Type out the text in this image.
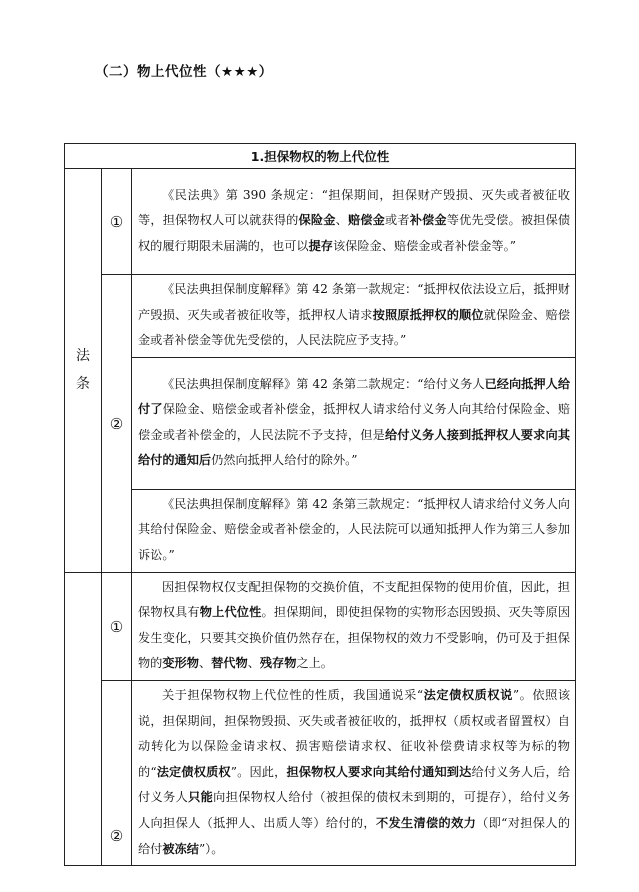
（二）物上代位性（★★★）
1.担保物权的物上代位性		
法条	①	《民法典》第 390 条规定：“担保期间，担保财产毁损、灭失或者被征收等，担保物权人可以就获得的保险金、赔偿金或者补偿金等优先受偿。被担保债权的履行期限未届满的，也可以提存该保险金、赔偿金或者补偿金等。”
	②	《民法典担保制度解释》第 42 条第一款规定：“抵押权依法设立后，抵押财产毁损、灭失或者被征收等，抵押权人请求按照原抵押权的顺位就保险金、赔偿金或者补偿金等优先受偿的，人民法院应予支持。”
		《民法典担保制度解释》第 42 条第二款规定：“给付义务人已经向抵押人给付了保险金、赔偿金或者补偿金，抵押权人请求给付义务人向其给付保险金、赔偿金或者补偿金的，人民法院不予支持，但是给付义务人接到抵押权人要求向其给付的通知后仍然向抵押人给付的除外。”
		《民法典担保制度解释》第 42 条第三款规定：“抵押权人请求给付义务人向其给付保险金、赔偿金或者补偿金的，人民法院可以通知抵押人作为第三人参加诉讼。”
	①	因担保物权仅支配担保物的交换价值，不支配担保物的使用价值，因此，担保物权具有物上代位性。担保期间，即使担保物的实物形态因毁损、灭失等原因发生变化，只要其交换价值仍然存在，担保物权的效力不受影响，仍可及于担保物的变形物、替代物、残存物之上。
	②	关于担保物权物上代位性的性质，我国通说采“法定债权质权说”。依照该说，担保期间，担保物毁损、灭失或者被征收的，抵押权（质权或者留置权）自动转化为以保险金请求权、损害赔偿请求权、征收补偿费请求权等为标的物的“法定债权质权”。因此，担保物权人要求向其给付通知到达给付义务人后，给付义务人只能向担保物权人给付（被担保的债权未到期的，可提存），给付义务人向担保人（抵押人、出质人等）给付的，不发生清偿的效力（即“对担保人的给付被冻结”）。
